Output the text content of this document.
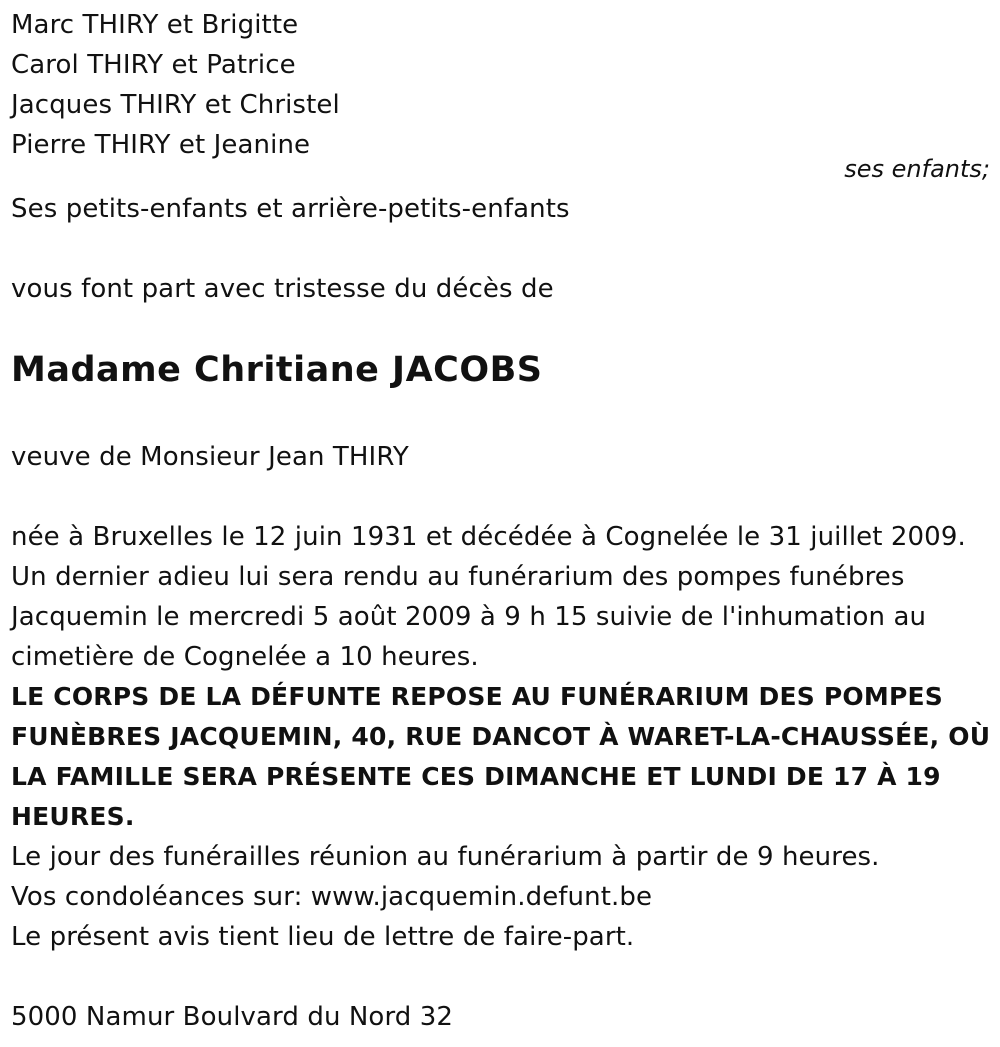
Marc THIRY et Brigitte
Carol THIRY et Patrice
Jacques THIRY et Christel
Pierre THIRY et Jeanine
ses enfants;
Ses petits-enfants et arrière-petits-enfants
vous font part avec tristesse du décès de
Madame Chritiane JACOBS
veuve de Monsieur Jean THIRY
née à Bruxelles le 12 juin 1931 et décédée à Cognelée le 31 juillet 2009.
Un dernier adieu lui sera rendu au funérarium des pompes funébres
Jacquemin le mercredi 5 août 2009 à 9 h 15 suivie de l'inhumation au
cimetière de Cognelée a 10 heures.
LE CORPS DE LA DÉFUNTE REPOSE AU FUNÉRARIUM DES POMPES
FUNÈBRES JACQUEMIN, 40, RUE DANCOT À WARET-LA-CHAUSSÉE, OÙ
LA FAMILLE SERA PRÉSENTE CES DIMANCHE ET LUNDI DE 17 À 19
HEURES.
Le jour des funérailles réunion au funérarium à partir de 9 heures.
Vos condoléances sur: www.jacquemin.defunt.be
Le présent avis tient lieu de lettre de faire-part.
5000 Namur Boulvard du Nord 32
